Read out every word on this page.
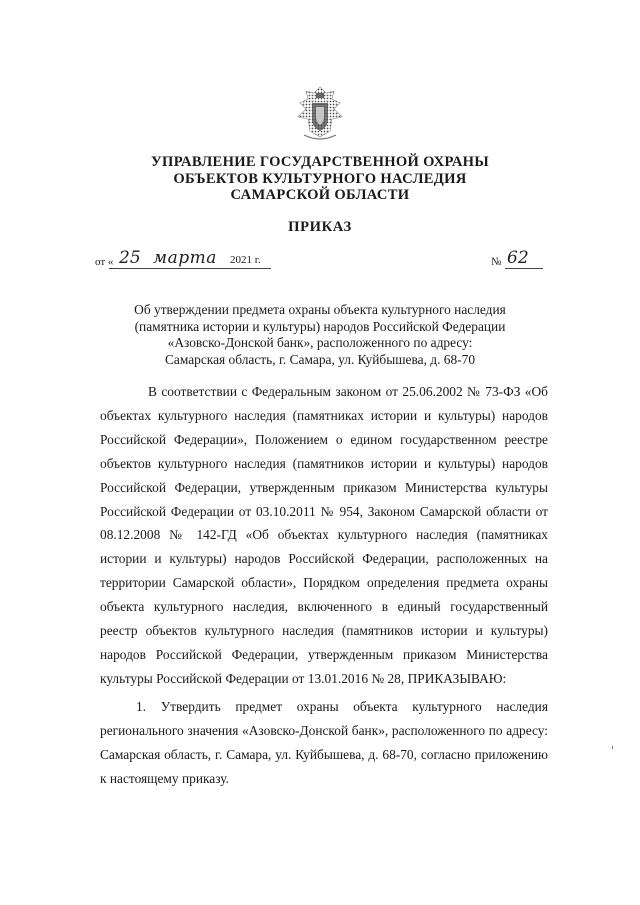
УПРАВЛЕНИЕ ГОСУДАРСТВЕННОЙ ОХРАНЫ
ОБЪЕКТОВ КУЛЬТУРНОГО НАСЛЕДИЯ
САМАРСКОЙ ОБЛАСТИ
ПРИКАЗ
от « 25 марта 2021 г.	№ 62
Об утверждении предмета охраны объекта культурного наследия
(памятника истории и культуры) народов Российской Федерации
«Азовско-Донской банк», расположенного по адресу:
Самарская область, г. Самара, ул. Куйбышева, д. 68-70

В соответствии с Федеральным законом от 25.06.2002 № 73-ФЗ «Об объектах культурного наследия (памятниках истории и культуры) народов Российской Федерации», Положением о едином государственном реестре объектов культурного наследия (памятников истории и культуры) народов Российской Федерации, утвержденным приказом Министерства культуры Российской Федерации от 03.10.2011 № 954, Законом Самарской области от 08.12.2008 № 142-ГД «Об объектах культурного наследия (памятниках истории и культуры) народов Российской Федерации, расположенных на территории Самарской области», Порядком определения предмета охраны объекта культурного наследия, включенного в единый государственный реестр объектов культурного наследия (памятников истории и культуры) народов Российской Федерации, утвержденным приказом Министерства культуры Российской Федерации от 13.01.2016 № 28, ПРИКАЗЫВАЮ:

1. Утвердить предмет охраны объекта культурного наследия регионального значения «Азовско-Донской банк», расположенного по адресу: Самарская область, г. Самара, ул. Куйбышева, д. 68-70, согласно приложению к настоящему приказу.
